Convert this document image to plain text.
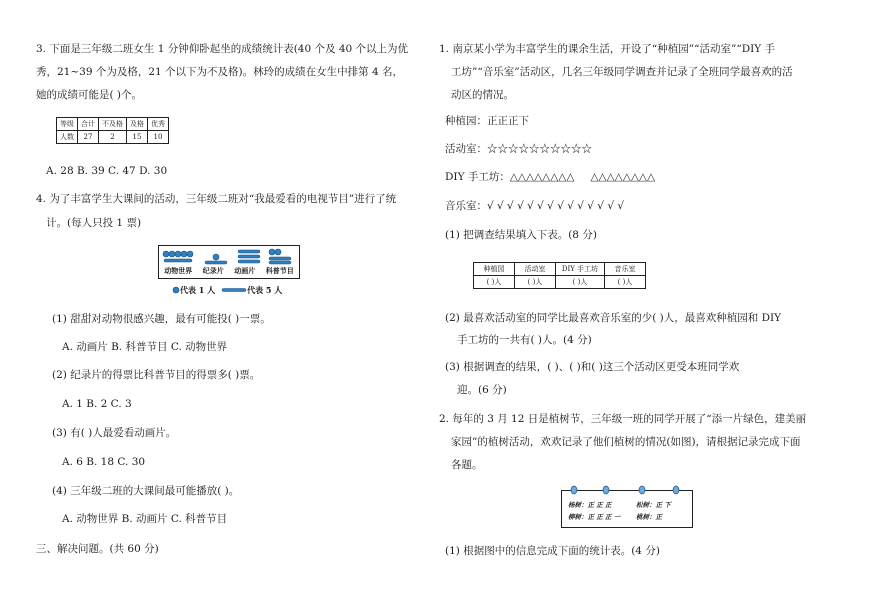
3. 下面是三年级二班女生 1 分钟仰卧起坐的成绩统计表(40 个及 40 个以上为优
秀，21~39 个为及格，21 个以下为不及格)。林玲的成绩在女生中排第 4 名，
她的成绩可能是( )个。
等级	合计	不及格	及格	优秀
人数	27	2	15	10
A. 28 B. 39 C. 47 D. 30
4. 为了丰富学生大课间的活动，三年级二班对“我最爱看的电视节目”进行了统
计。(每人只投 1 票)
动物世界 纪录片 动画片 科普节目
代表 1 人	代表 5 人
(1) 甜甜对动物很感兴趣，最有可能投( )一票。
A. 动画片 B. 科普节目 C. 动物世界
(2) 纪录片的得票比科普节目的得票多( )票。
A. 1 B. 2 C. 3
(3) 有( )人最爱看动画片。
A. 6 B. 18 C. 30
(4) 三年级二班的大课间最可能播放( )。
A. 动物世界 B. 动画片 C. 科普节目
三、解决问题。(共 60 分)
1. 南京某小学为丰富学生的课余生活，开设了“种植园”“活动室”“DIY 手
工坊”“音乐室”活动区，几名三年级同学调查并记录了全班同学最喜欢的活
动区的情况。
种植园：正正正下
活动室：☆☆☆☆☆☆☆☆☆☆
DIY 手工坊：△△△△△△△△ △△△△△△△△
音乐室：√ √ √ √ √ √ √ √ √ √ √ √ √ √
(1) 把调查结果填入下表。(8 分)
种植园	活动室	DIY 手工坊	音乐室
( )人	( )人	( )人	( )人
(2) 最喜欢活动室的同学比最喜欢音乐室的少( )人，最喜欢种植园和 DIY
手工坊的一共有( )人。(4 分)
(3) 根据调查的结果，( )、( )和( )这三个活动区更受本班同学欢
迎。(6 分)
2. 每年的 3 月 12 日是植树节，三年级一班的同学开展了“添一片绿色，建美丽
家园”的植树活动，欢欢记录了他们植树的情况(如图)，请根据记录完成下面
各题。
杨树：正 正 正	松树：正 下
柳树：正 正 正 一 桃树：正
(1) 根据图中的信息完成下面的统计表。(4 分)
